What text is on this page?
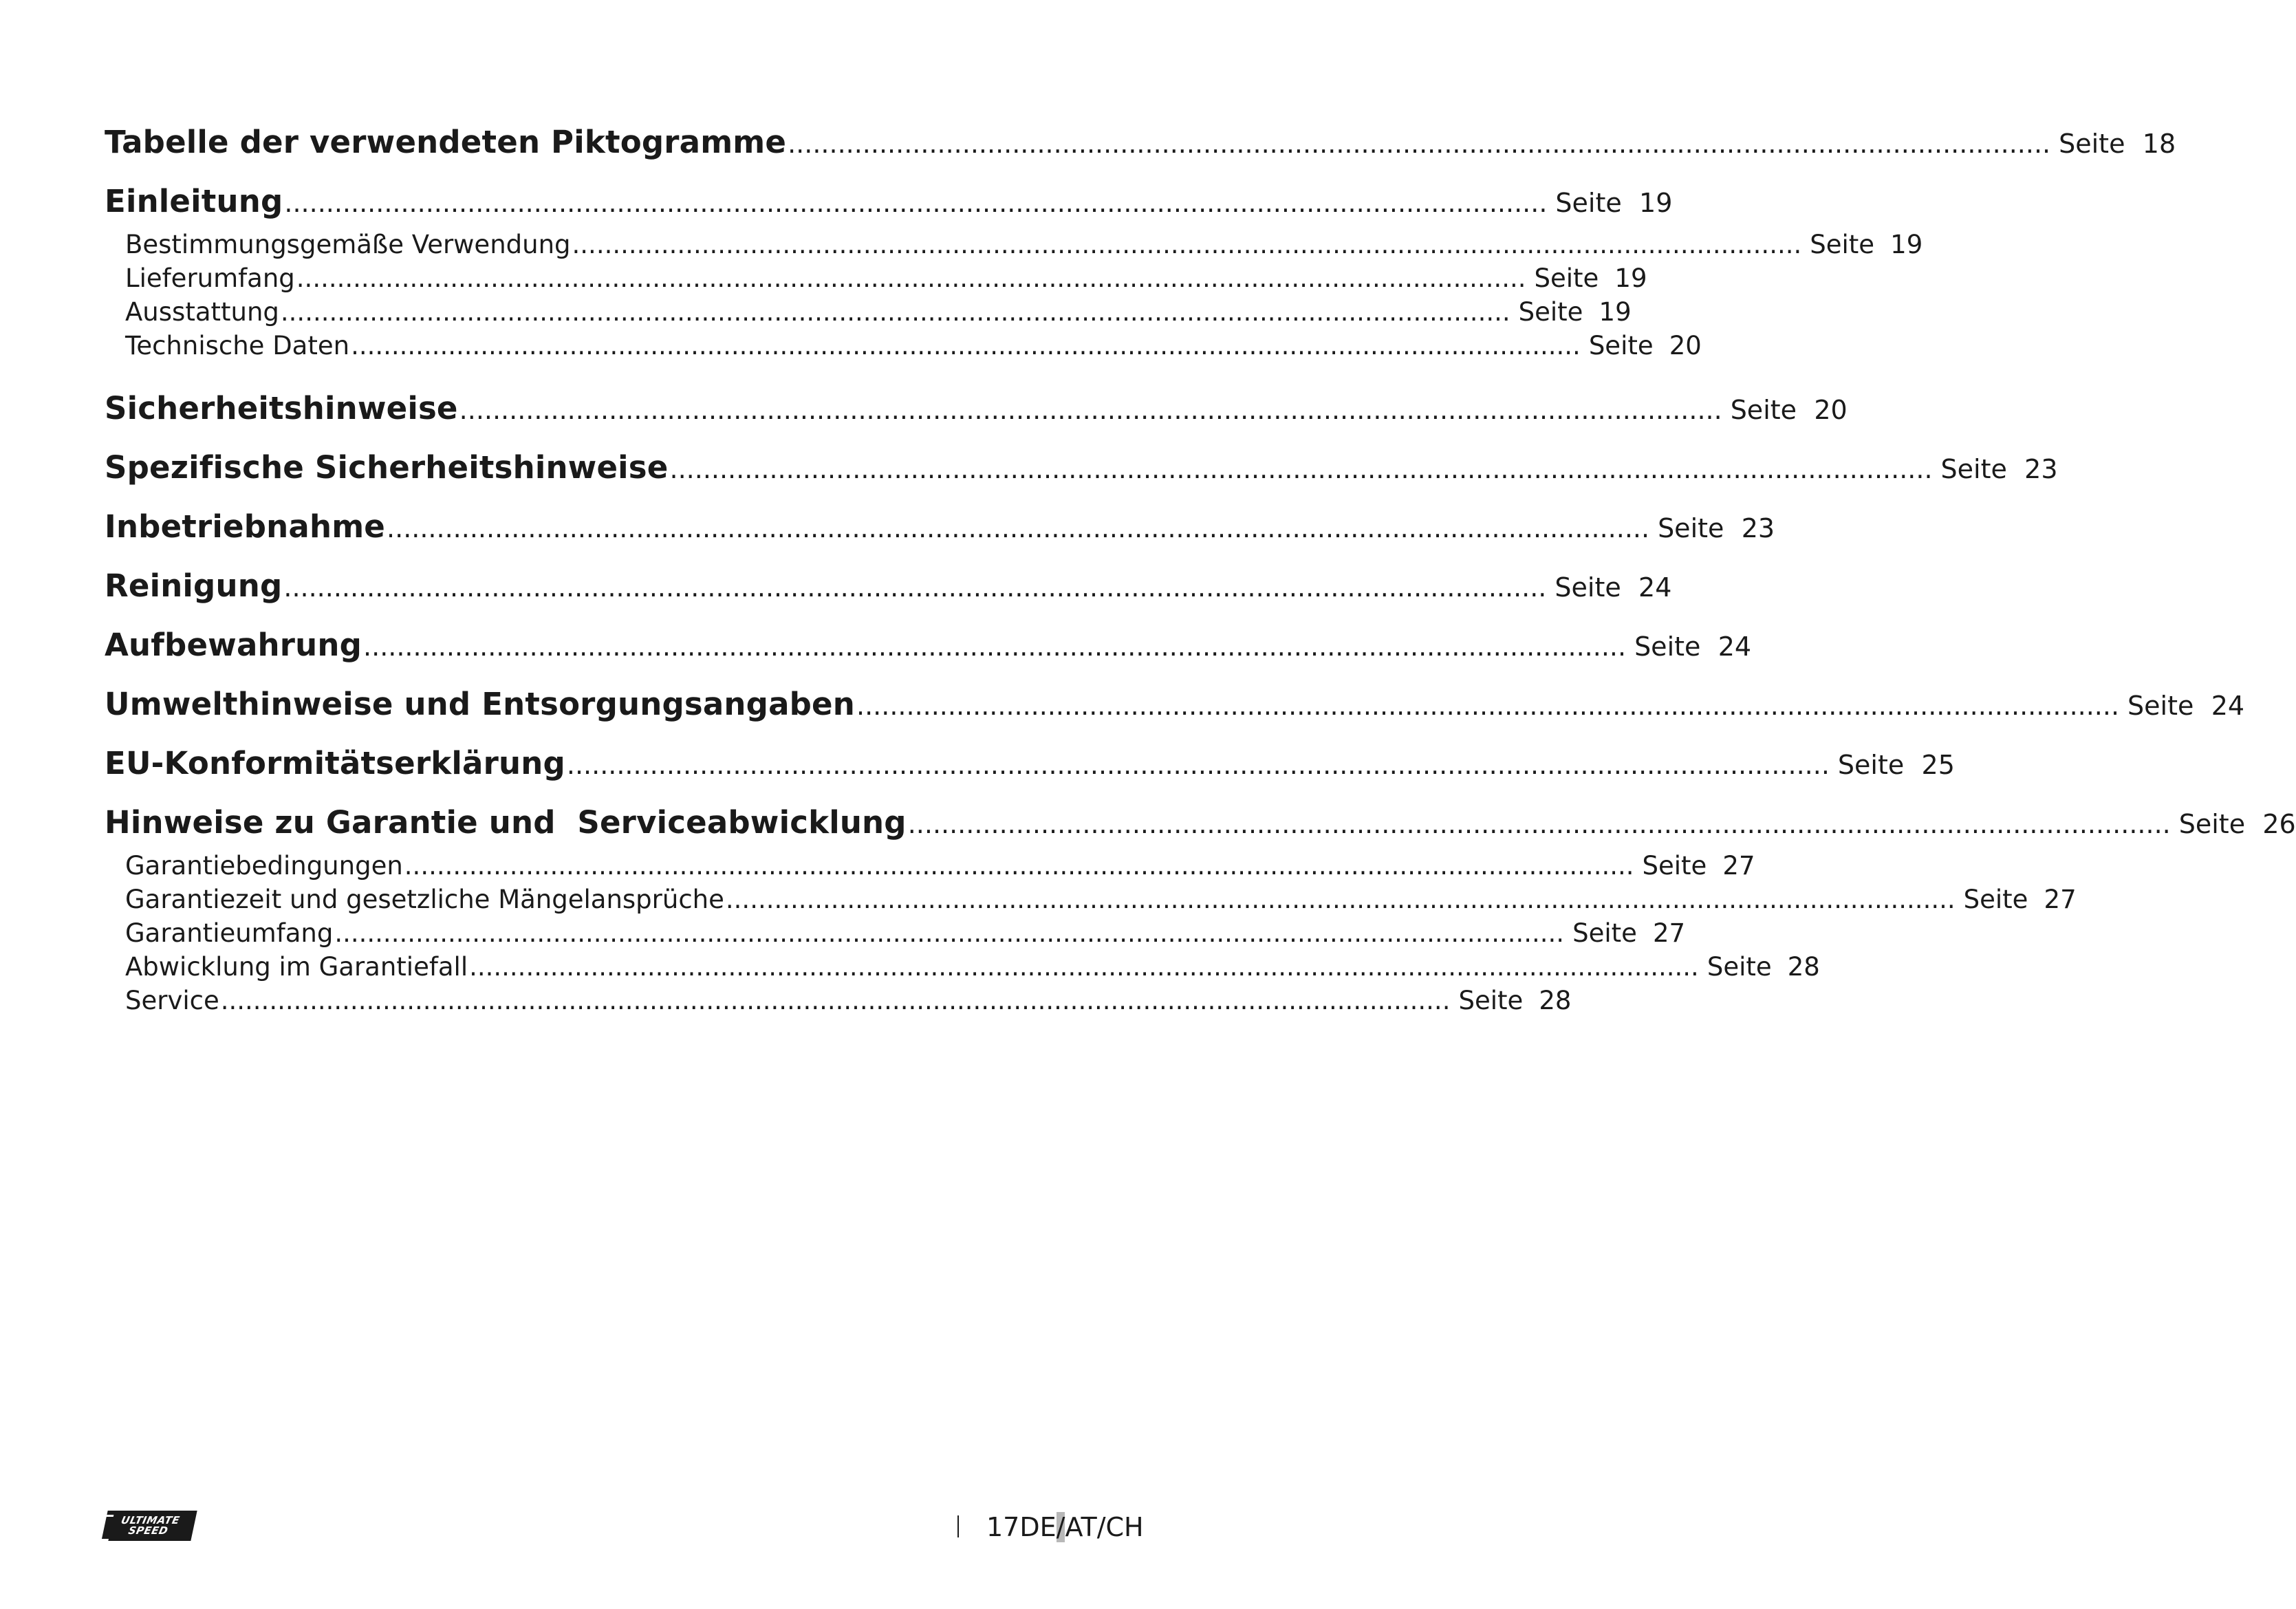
Tabelle der verwendeten Piktogramme ........................................................................................................................................................ Seite 18
Einleitung ........................................................................................................................................................ Seite 19
Bestimmungsgemäße Verwendung ........................................................................................................................................................ Seite 19
Lieferumfang ........................................................................................................................................................ Seite 19
Ausstattung ........................................................................................................................................................ Seite 19
Technische Daten ........................................................................................................................................................ Seite 20
Sicherheitshinweise ........................................................................................................................................................ Seite 20
Spezifische Sicherheitshinweise ........................................................................................................................................................ Seite 23
Inbetriebnahme ........................................................................................................................................................ Seite 23
Reinigung ........................................................................................................................................................ Seite 24
Aufbewahrung ........................................................................................................................................................ Seite 24
Umwelthinweise und Entsorgungsangaben ........................................................................................................................................................ Seite 24
EU-Konformitätserklärung ........................................................................................................................................................ Seite 25
Hinweise zu Garantie und  Serviceabwicklung ........................................................................................................................................................ Seite 26
Garantiebedingungen ........................................................................................................................................................ Seite 27
Garantiezeit und gesetzliche Mängelansprüche ........................................................................................................................................................ Seite 27
Garantieumfang ........................................................................................................................................................ Seite 27
Abwicklung im Garantiefall ........................................................................................................................................................ Seite 28
Service ........................................................................................................................................................ Seite 28
ULTIMATE
SPEED	17DE/AT/CH
